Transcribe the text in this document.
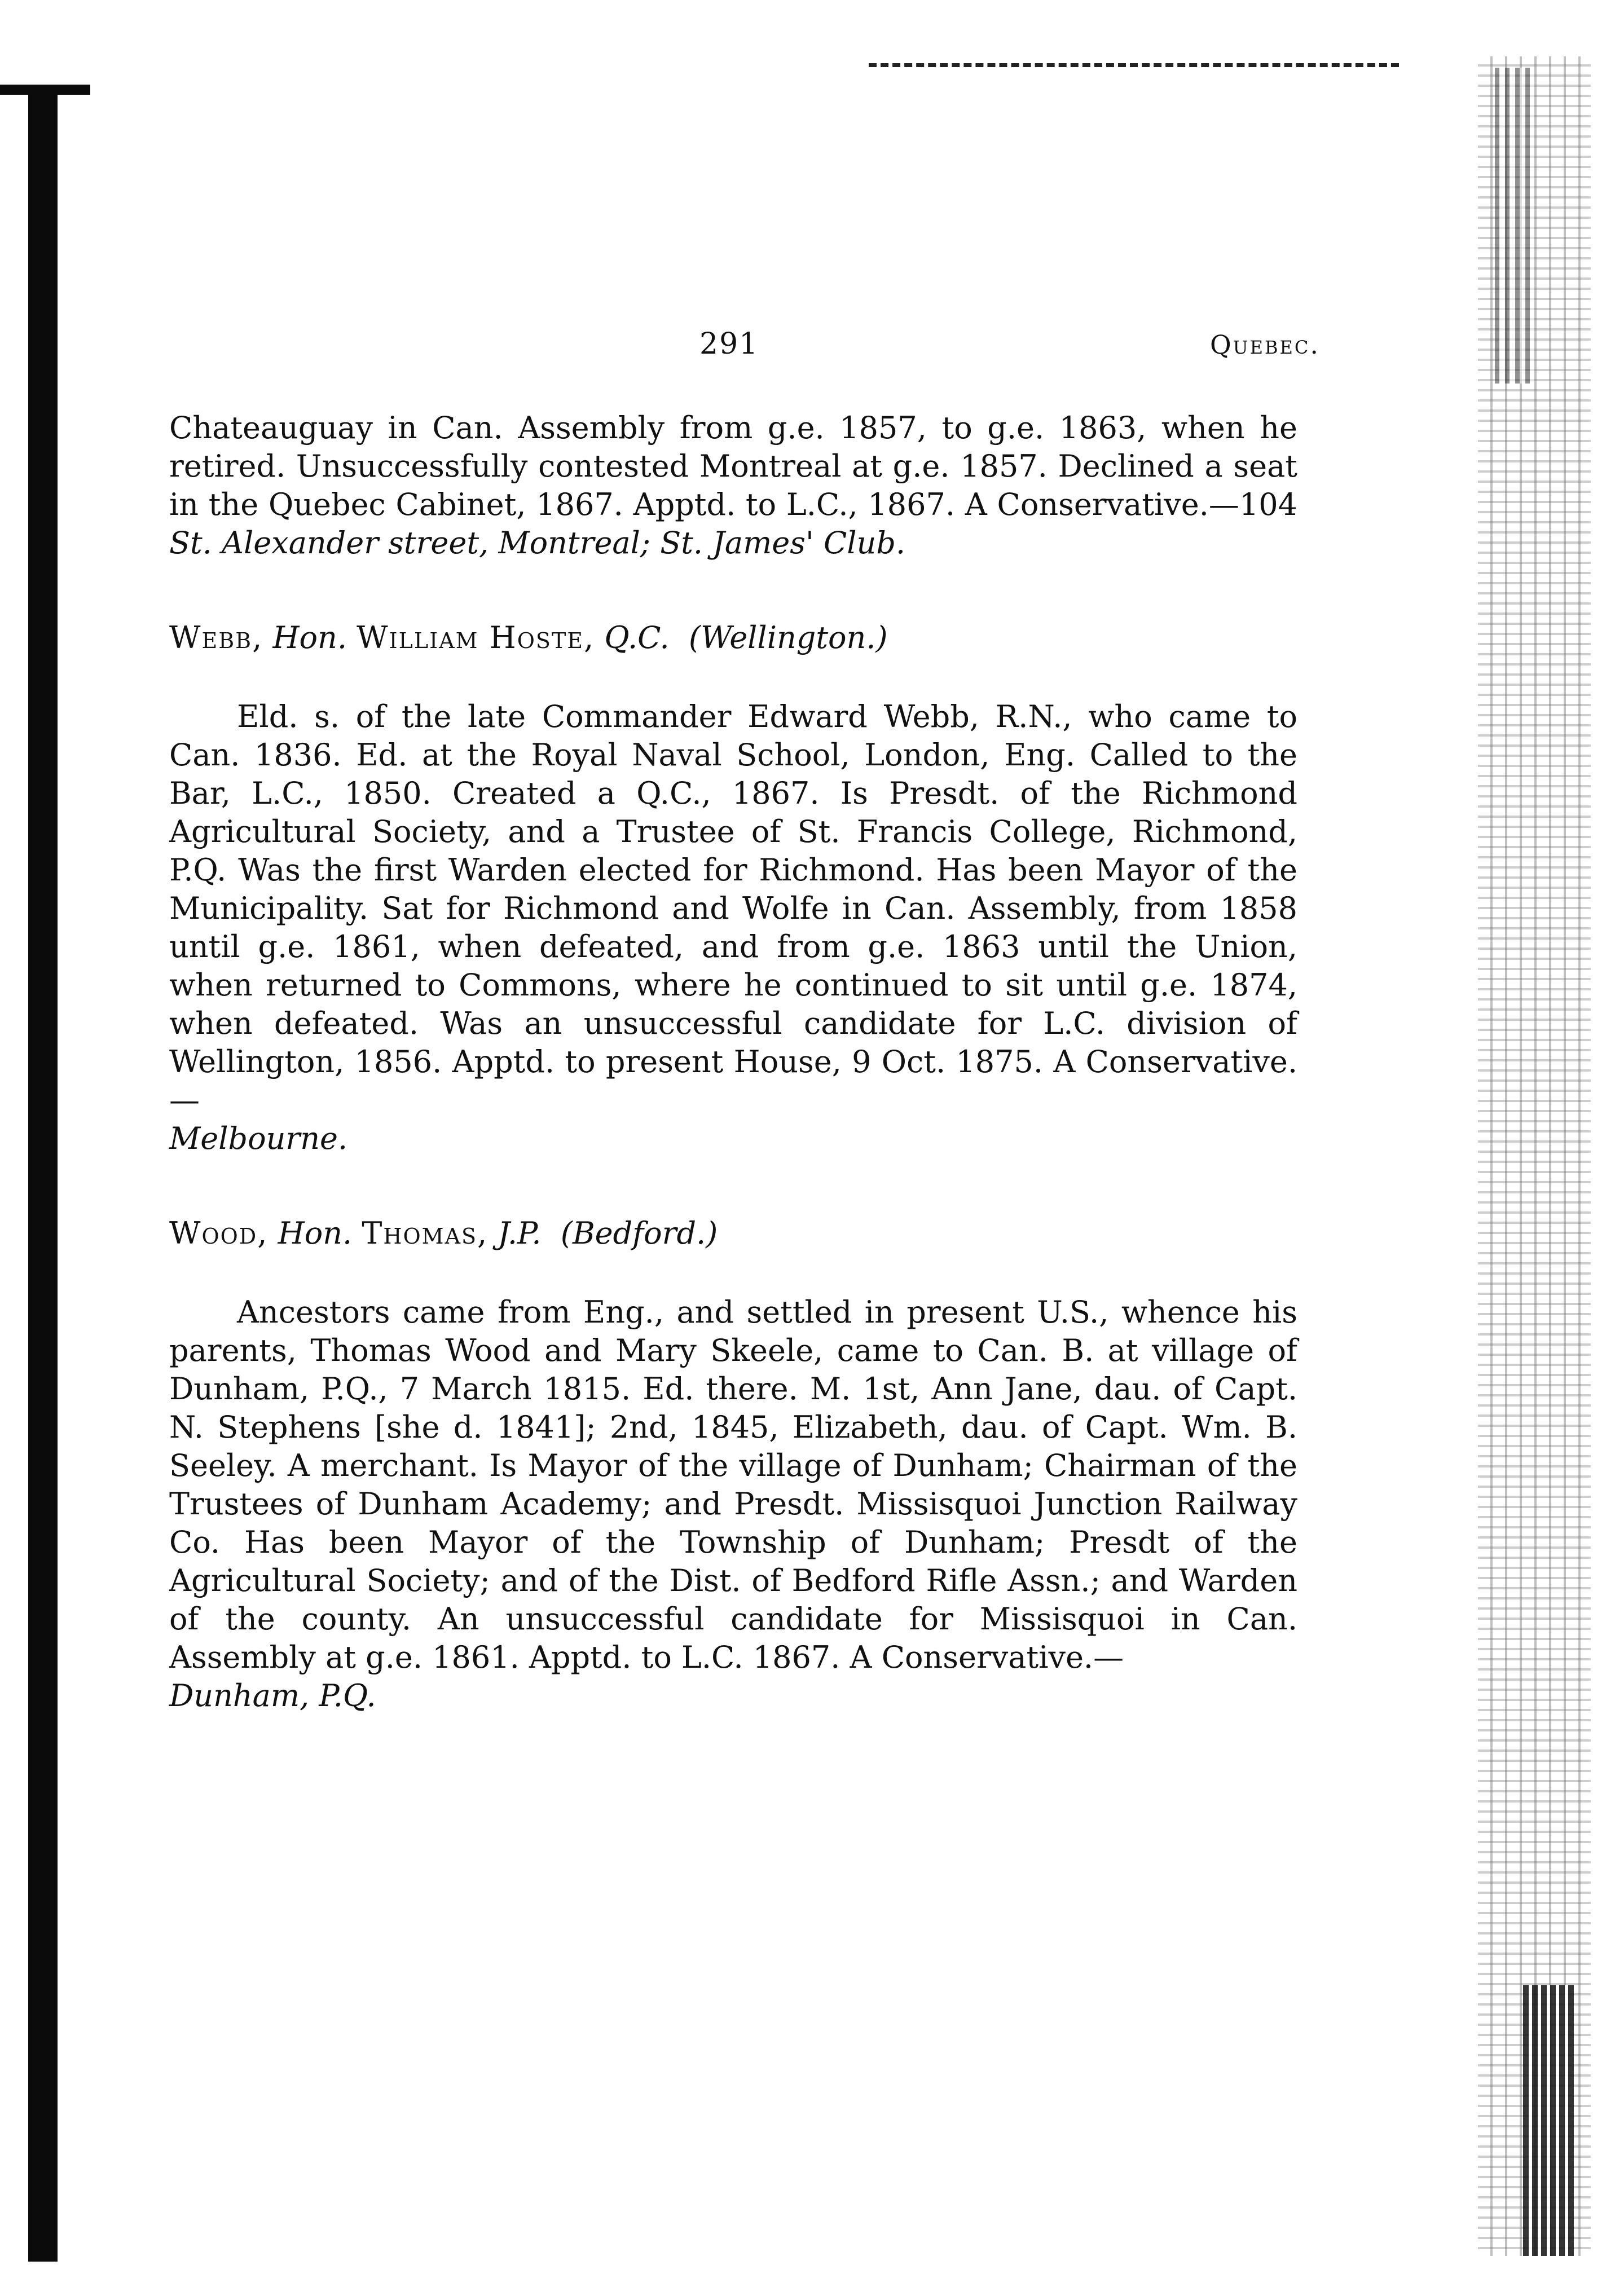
291	Quebec.

Chateauguay in Can. Assembly from g.e. 1857, to g.e. 1863, when he retired. Unsuccessfully contested Montreal at g.e. 1857. Declined a seat in the Quebec Cabinet, 1867. Apptd. to L.C., 1867. A Conservative.—104 St. Alexander street, Montreal; St. James' Club.

Webb, Hon. William Hoste, Q.C. (Wellington.)

Eld. s. of the late Commander Edward Webb, R.N., who came to Can. 1836. Ed. at the Royal Naval School, London, Eng. Called to the Bar, L.C., 1850. Created a Q.C., 1867. Is Presdt. of the Richmond Agricultural Society, and a Trustee of St. Francis College, Richmond, P.Q. Was the first Warden elected for Richmond. Has been Mayor of the Municipality. Sat for Richmond and Wolfe in Can. Assembly, from 1858 until g.e. 1861, when defeated, and from g.e. 1863 until the Union, when returned to Commons, where he continued to sit until g.e. 1874, when defeated. Was an unsuccessful candidate for L.C. division of Wellington, 1856. Apptd. to present House, 9 Oct. 1875. A Conservative.—
Melbourne.

Wood, Hon. Thomas, J.P. (Bedford.)

Ancestors came from Eng., and settled in present U.S., whence his parents, Thomas Wood and Mary Skeele, came to Can. B. at village of Dunham, P.Q., 7 March 1815. Ed. there. M. 1st, Ann Jane, dau. of Capt. N. Stephens [she d. 1841]; 2nd, 1845, Elizabeth, dau. of Capt. Wm. B. Seeley. A merchant. Is Mayor of the village of Dunham; Chairman of the Trustees of Dunham Academy; and Presdt. Missisquoi Junction Railway Co. Has been Mayor of the Township of Dunham; Presdt of the Agricultural Society; and of the Dist. of Bedford Rifle Assn.; and Warden of the county. An unsuccessful candidate for Missisquoi in Can. Assembly at g.e. 1861. Apptd. to L.C. 1867. A Conservative.—
Dunham, P.Q.
